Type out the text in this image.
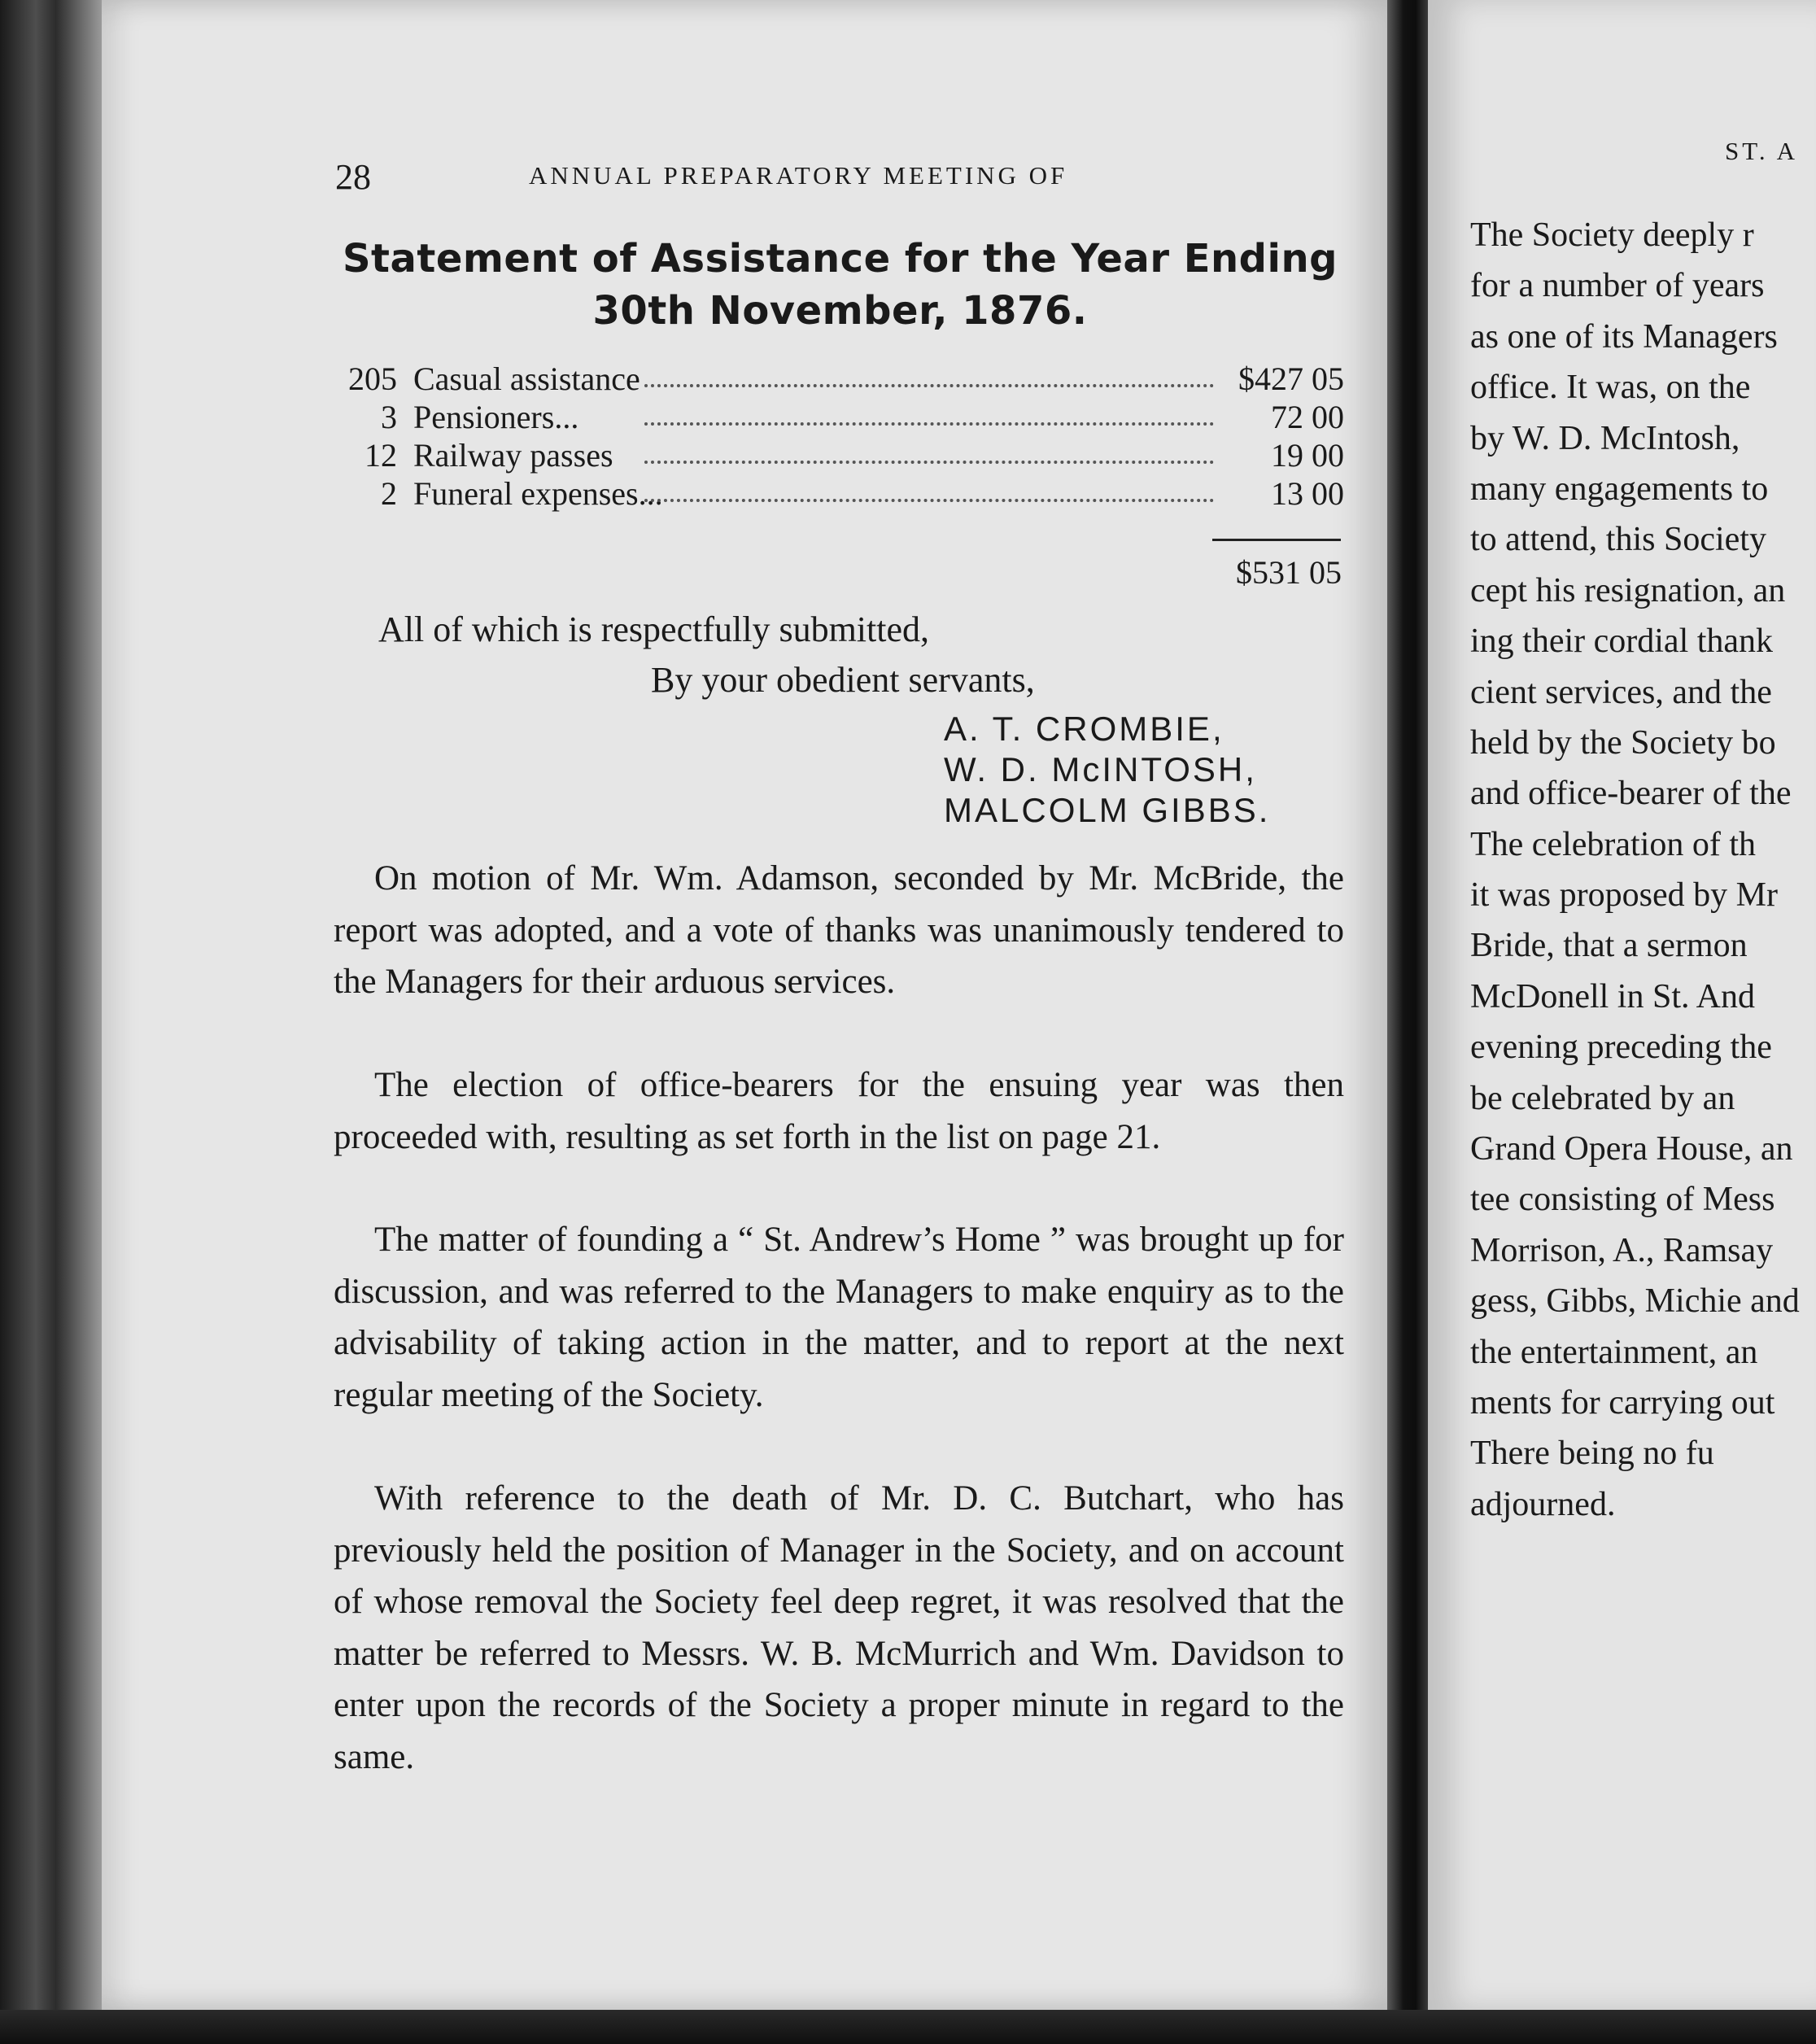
28	ANNUAL PREPARATORY MEETING OF
Statement of Assistance for the Year Ending
30th November, 1876.
205 Casual assistance	$427 05
3 Pensioners...	72 00
12 Railway passes	19 00
2 Funeral expenses...	13 00
$531 05
All of which is respectfully submitted,
By your obedient servants,
A. T. CROMBIE,
W. D. McINTOSH,
MALCOLM GIBBS.

On motion of Mr. Wm. Adamson, seconded by Mr. McBride, the report was adopted, and a vote of thanks was unanimously tendered to the Managers for their arduous services.

The election of office-bearers for the ensuing year was then proceeded with, resulting as set forth in the list on page 21.

The matter of founding a “ St. Andrew’s Home ” was brought up for discussion, and was referred to the Managers to make enquiry as to the advisability of taking action in the matter, and to report at the next regular meeting of the Society.

With reference to the death of Mr. D. C. Butchart, who has previously held the position of Manager in the Society, and on account of whose removal the Society feel deep regret, it was resolved that the matter be referred to Messrs. W. B. McMurrich and Wm. Davidson to enter upon the records of the Society a proper minute in regard to the same.

ST. A
The Society deeply r
for a number of years
as one of its Managers
office. It was, on the
by W. D. McIntosh,
many engagements to
to attend, this Society
cept his resignation, an
ing their cordial thank
cient services, and the
held by the Society bo
and office-bearer of the
The celebration of th
it was proposed by Mr
Bride, that a sermon
McDonell in St. And
evening preceding the
be celebrated by an
Grand Opera House, an
tee consisting of Mess
Morrison, A., Ramsay
gess, Gibbs, Michie and
the entertainment, an
ments for carrying out
There being no fu
adjourned.
